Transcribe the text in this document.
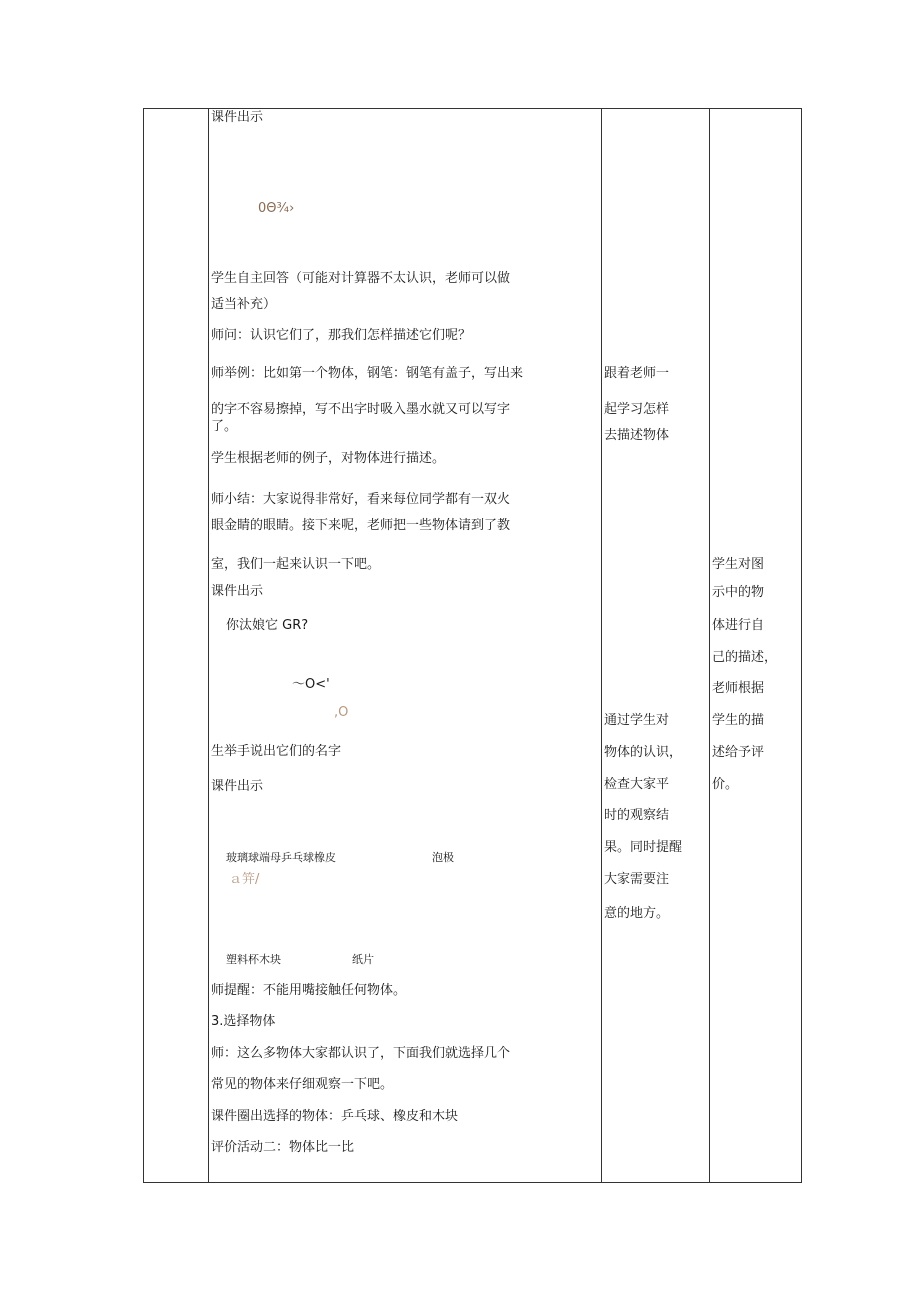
课件出示
0Θ¾›
学生自主回答（可能对计算器不太认识，老师可以做
适当补充）
师问：认识它们了，那我们怎样描述它们呢？
师举例：比如第一个物体，钢笔：钢笔有盖子，写出来
的字不容易擦掉，写不出字时吸入墨水就又可以写字
了。
学生根据老师的例子，对物体进行描述。
师小结：大家说得非常好，看来每位同学都有一双火
眼金睛的眼睛。接下来呢，老师把一些物体请到了教
室，我们一起来认识一下吧。
课件出示
你汰娘它 GR?
〜O<'
,O
生举手说出它们的名字
课件出示
玻璃球端母乒乓球橡皮	泡极
ａ笄/
塑料杯木块	纸片
师提醒：不能用嘴接触任何物体。
3.选择物体
师：这么多物体大家都认识了，下面我们就选择几个
常见的物体来仔细观察一下吧。
课件圈出选择的物体：乒乓球、橡皮和木块
评价活动二：物体比一比
跟着老师一
起学习怎样
去描述物体
通过学生对
物体的认识，
检查大家平
时的观察结
果。同时提醒
大家需要注
意的地方。
学生对图
示中的物
体进行自
己的描述，
老师根据
学生的描
述给予评
价。
